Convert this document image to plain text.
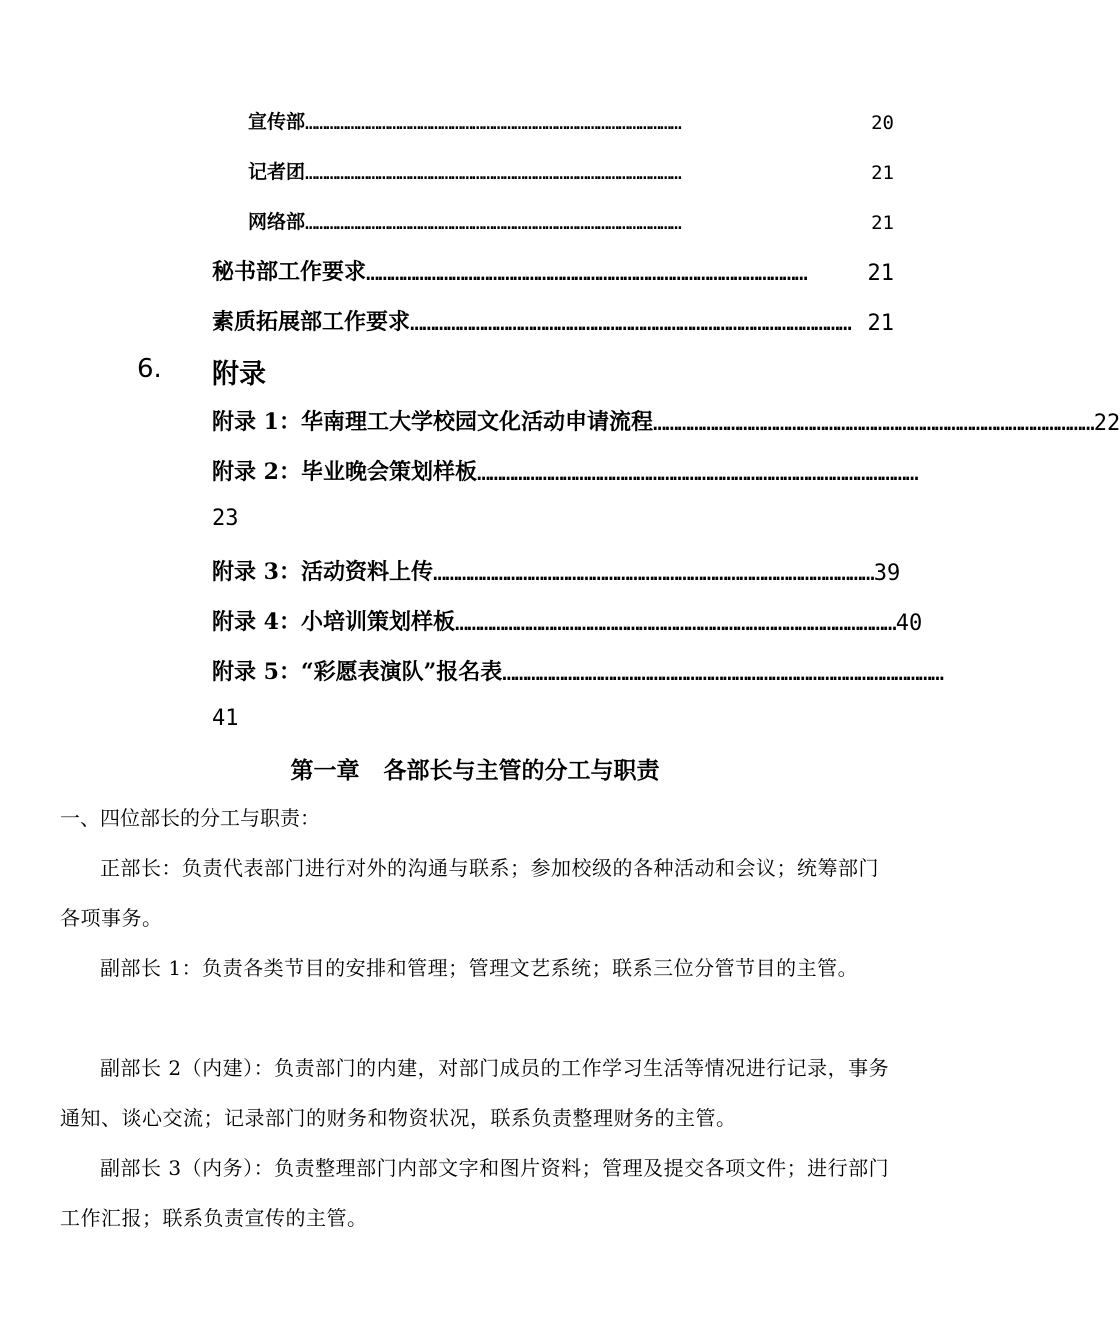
宣传部 ………………………………………………………………………………………………	20
记者团 ………………………………………………………………………………………………	21
网络部 ………………………………………………………………………………………………	21
秘书部工作要求 ………………………………………………………………………………………………	21
素质拓展部工作要求 ……………………………………………………………………………………………… 21
6. 附录
附录 1：华南理工大学校园文化活动申请流程 ……………………………………………………………………………………………… 22
附录 2：毕业晚会策划样板 ………………………………………………………………………………………………
23
附录 3：活动资料上传 ……………………………………………………………………………………………… 39
附录 4：小培训策划样板 ……………………………………………………………………………………………… 40
附录 5：“彩愿表演队”报名表 ………………………………………………………………………………………………
41
第一章   各部长与主管的分工与职责
一、四位部长的分工与职责：

正部长：负责代表部门进行对外的沟通与联系；参加校级的各种活动和会议；统筹部门各项事务。

副部长 1：负责各类节目的安排和管理；管理文艺系统；联系三位分管节目的主管。

副部长 2（内建）：负责部门的内建，对部门成员的工作学习生活等情况进行记录，事务通知、谈心交流；记录部门的财务和物资状况，联系负责整理财务的主管。

副部长 3（内务）：负责整理部门内部文字和图片资料；管理及提交各项文件；进行部门工作汇报；联系负责宣传的主管。
